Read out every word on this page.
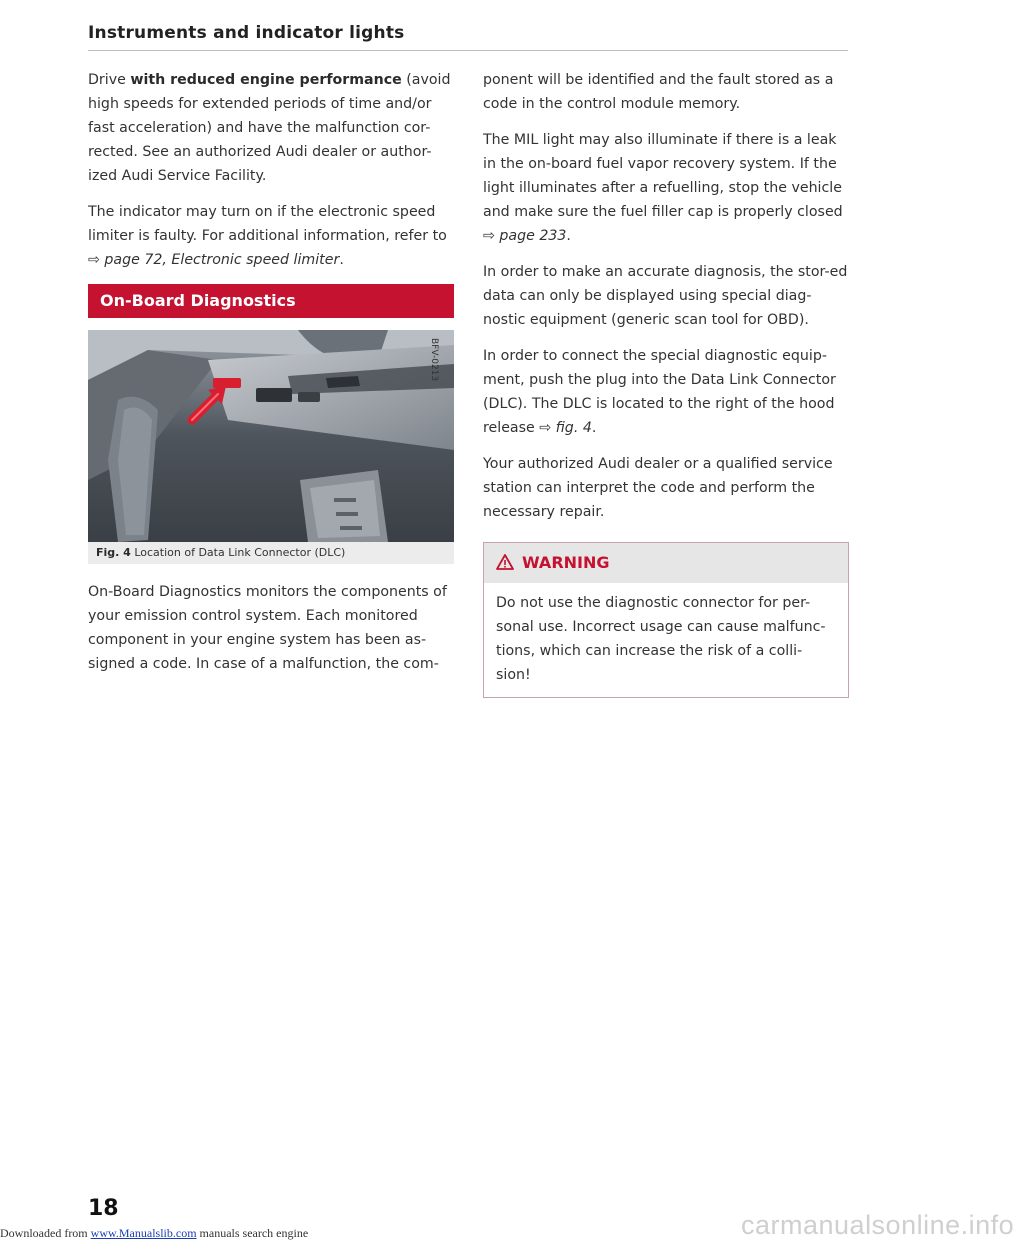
Instruments and indicator lights

Drive with reduced engine performance (avoid high speeds for extended periods of time and/or fast acceleration) and have the malfunction cor-rected. See an authorized Audi dealer or author-ized Audi Service Facility.

The indicator may turn on if the electronic speed limiter is faulty. For additional information, refer to ⇨ page 72, Electronic speed limiter.

On-Board Diagnostics
BFV-0213
Fig. 4 Location of Data Link Connector (DLC)

On-Board Diagnostics monitors the components of your emission control system. Each monitored component in your engine system has been as-signed a code. In case of a malfunction, the com-

ponent will be identified and the fault stored as a code in the control module memory.

The MIL light may also illuminate if there is a leak in the on-board fuel vapor recovery system. If the light illuminates after a refuelling, stop the vehicle and make sure the fuel filler cap is properly closed ⇨ page 233.

In order to make an accurate diagnosis, the stor-ed data can only be displayed using special diag-nostic equipment (generic scan tool for OBD).

In order to connect the special diagnostic equip-ment, push the plug into the Data Link Connector (DLC). The DLC is located to the right of the hood release ⇨ fig. 4.

Your authorized Audi dealer or a qualified service station can interpret the code and perform the necessary repair.

WARNING

Do not use the diagnostic connector for per-sonal use. Incorrect usage can cause malfunc-tions, which can increase the risk of a colli-sion!

18
Downloaded from www.Manualslib.com manuals search engine	carmanualsonline.info
